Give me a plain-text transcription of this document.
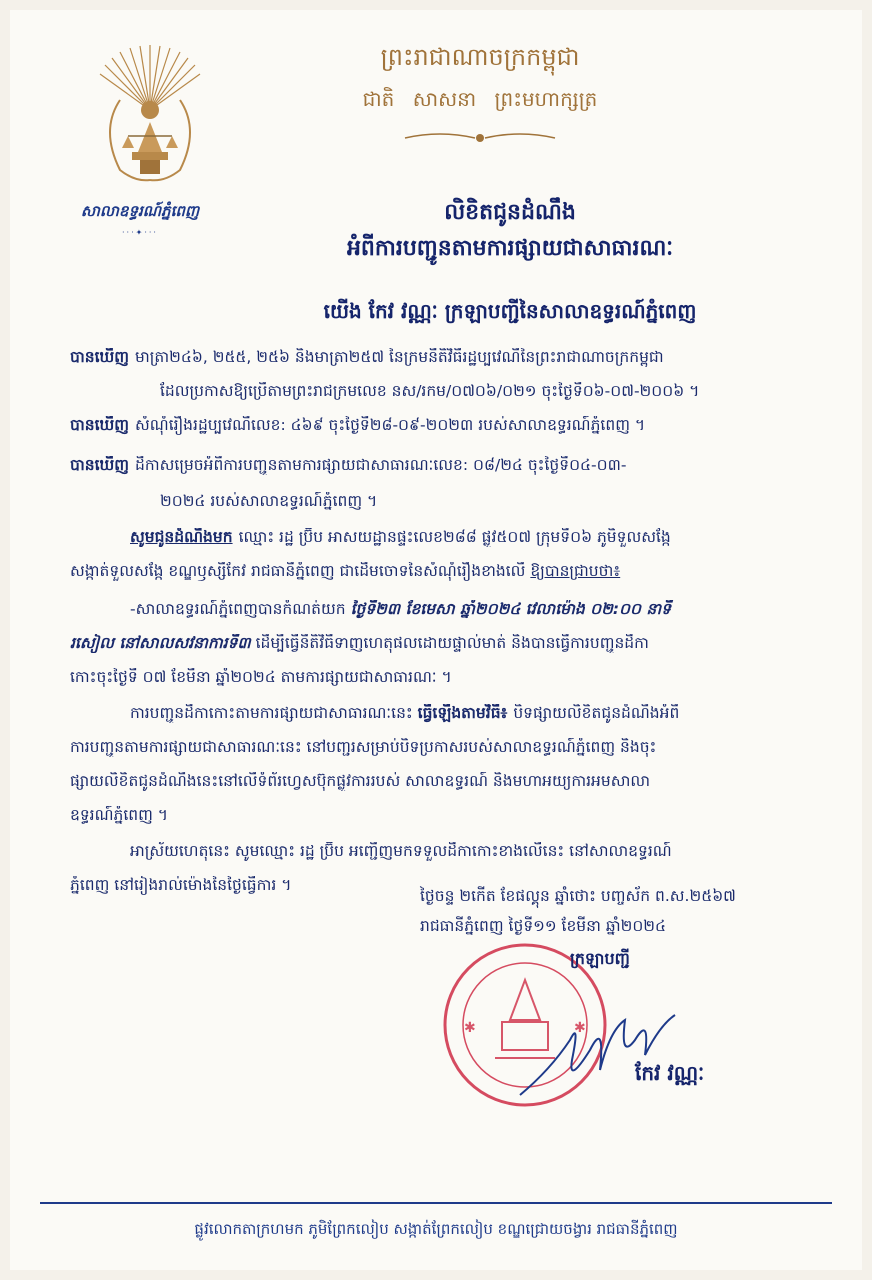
សាលាឧទ្ធរណ៍ភ្នំពេញ
···✦···
ព្រះរាជាណាចក្រកម្ពុជា
ជាតិ សាសនា ព្រះមហាក្សត្រ
លិខិតជូនដំណឹង
អំពីការបញ្ជូនតាមការផ្សាយជាសាធារណៈ
យើង កែវ វណ្ណៈ ក្រឡាបញ្ជីនៃសាលាឧទ្ធរណ៍ភ្នំពេញ
បានឃើញ មាត្រា២៤៦, ២៥៥, ២៥៦ និងមាត្រា២៥៧ នៃក្រមនីតិវិធីរដ្ឋប្បវេណីនៃព្រះរាជាណាចក្រកម្ពុជា
ដែលប្រកាសឱ្យប្រើតាមព្រះរាជក្រមលេខ នស/រកម/០៧០៦/០២១ ចុះថ្ងៃទី០៦-០៧-២០០៦ ។
បានឃើញ សំណុំរឿងរដ្ឋប្បវេណីលេខ: ៤៦៩ ចុះថ្ងៃទី២៨-០៩-២០២៣ របស់សាលាឧទ្ធរណ៍ភ្នំពេញ ។
បានឃើញ ដីកាសម្រេចអំពីការបញ្ជូនតាមការផ្សាយជាសាធារណៈលេខ: ០៨/២៤ ចុះថ្ងៃទី០៤-០៣-
២០២៤ របស់សាលាឧទ្ធរណ៍ភ្នំពេញ ។
សូមជូនដំណឹងមក ឈ្មោះ រដ្ឋ ប្រ៊ីប អាសយដ្ឋានផ្ទះលេខ២៨៨ ផ្លូវ៥០៧ ក្រុមទី០៦ ភូមិទួលសង្កែ
សង្កាត់ទួលសង្កែ ខណ្ឌឫស្សីកែវ រាជធានីភ្នំពេញ ជាដើមចោទនៃសំណុំរឿងខាងលើ ឱ្យបានជ្រាបថា៖
-សាលាឧទ្ធរណ៍ភ្នំពេញបានកំណត់យក ថ្ងៃទី២៣ ខែមេសា ឆ្នាំ២០២៤ វេលាម៉ោង ០២:០០ នាទី
រសៀល នៅសាលសវនាការទី៣ ដើម្បីធ្វើនីតិវិធីទាញហេតុផលដោយផ្ទាល់មាត់ និងបានធ្វើការបញ្ជូនដីកា
កោះចុះថ្ងៃទី ០៧ ខែមីនា ឆ្នាំ២០២៤ តាមការផ្សាយជាសាធារណៈ ។
ការបញ្ជូនដីកាកោះតាមការផ្សាយជាសាធារណៈនេះ ធ្វើឡើងតាមវិធី៖ បិទផ្សាយលិខិតជូនដំណឹងអំពី
ការបញ្ជូនតាមការផ្សាយជាសាធារណៈនេះ នៅបញ្ជរសម្រាប់បិទប្រកាសរបស់សាលាឧទ្ធរណ៍ភ្នំពេញ និងចុះ
ផ្សាយលិខិតជូនដំណឹងនេះនៅលើទំព័រហ្វេសប៊ុកផ្លូវការរបស់ សាលាឧទ្ធរណ៍ និងមហាអយ្យការអមសាលា
ឧទ្ធរណ៍ភ្នំពេញ ។
អាស្រ័យហេតុនេះ សូមឈ្មោះ រដ្ឋ ប្រ៊ីប អញ្ជើញមកទទួលដីកាកោះខាងលើនេះ នៅសាលាឧទ្ធរណ៍
ភ្នំពេញ នៅរៀងរាល់ម៉ោងនៃថ្ងៃធ្វើការ ។
ថ្ងៃចន្ទ ២កើត ខែផល្គុន ឆ្នាំថោះ បញ្ចស័ក ព.ស.២៥៦៧
រាជធានីភ្នំពេញ ថ្ងៃទី១១ ខែមីនា ឆ្នាំ២០២៤
✱	✱
ក្រឡាបញ្ជី
កែវ វណ្ណៈ
ផ្លូវលោកតាក្រហមក ភូមិព្រែកលៀប សង្កាត់ព្រែកលៀប ខណ្ឌជ្រោយចង្វារ រាជធានីភ្នំពេញ
